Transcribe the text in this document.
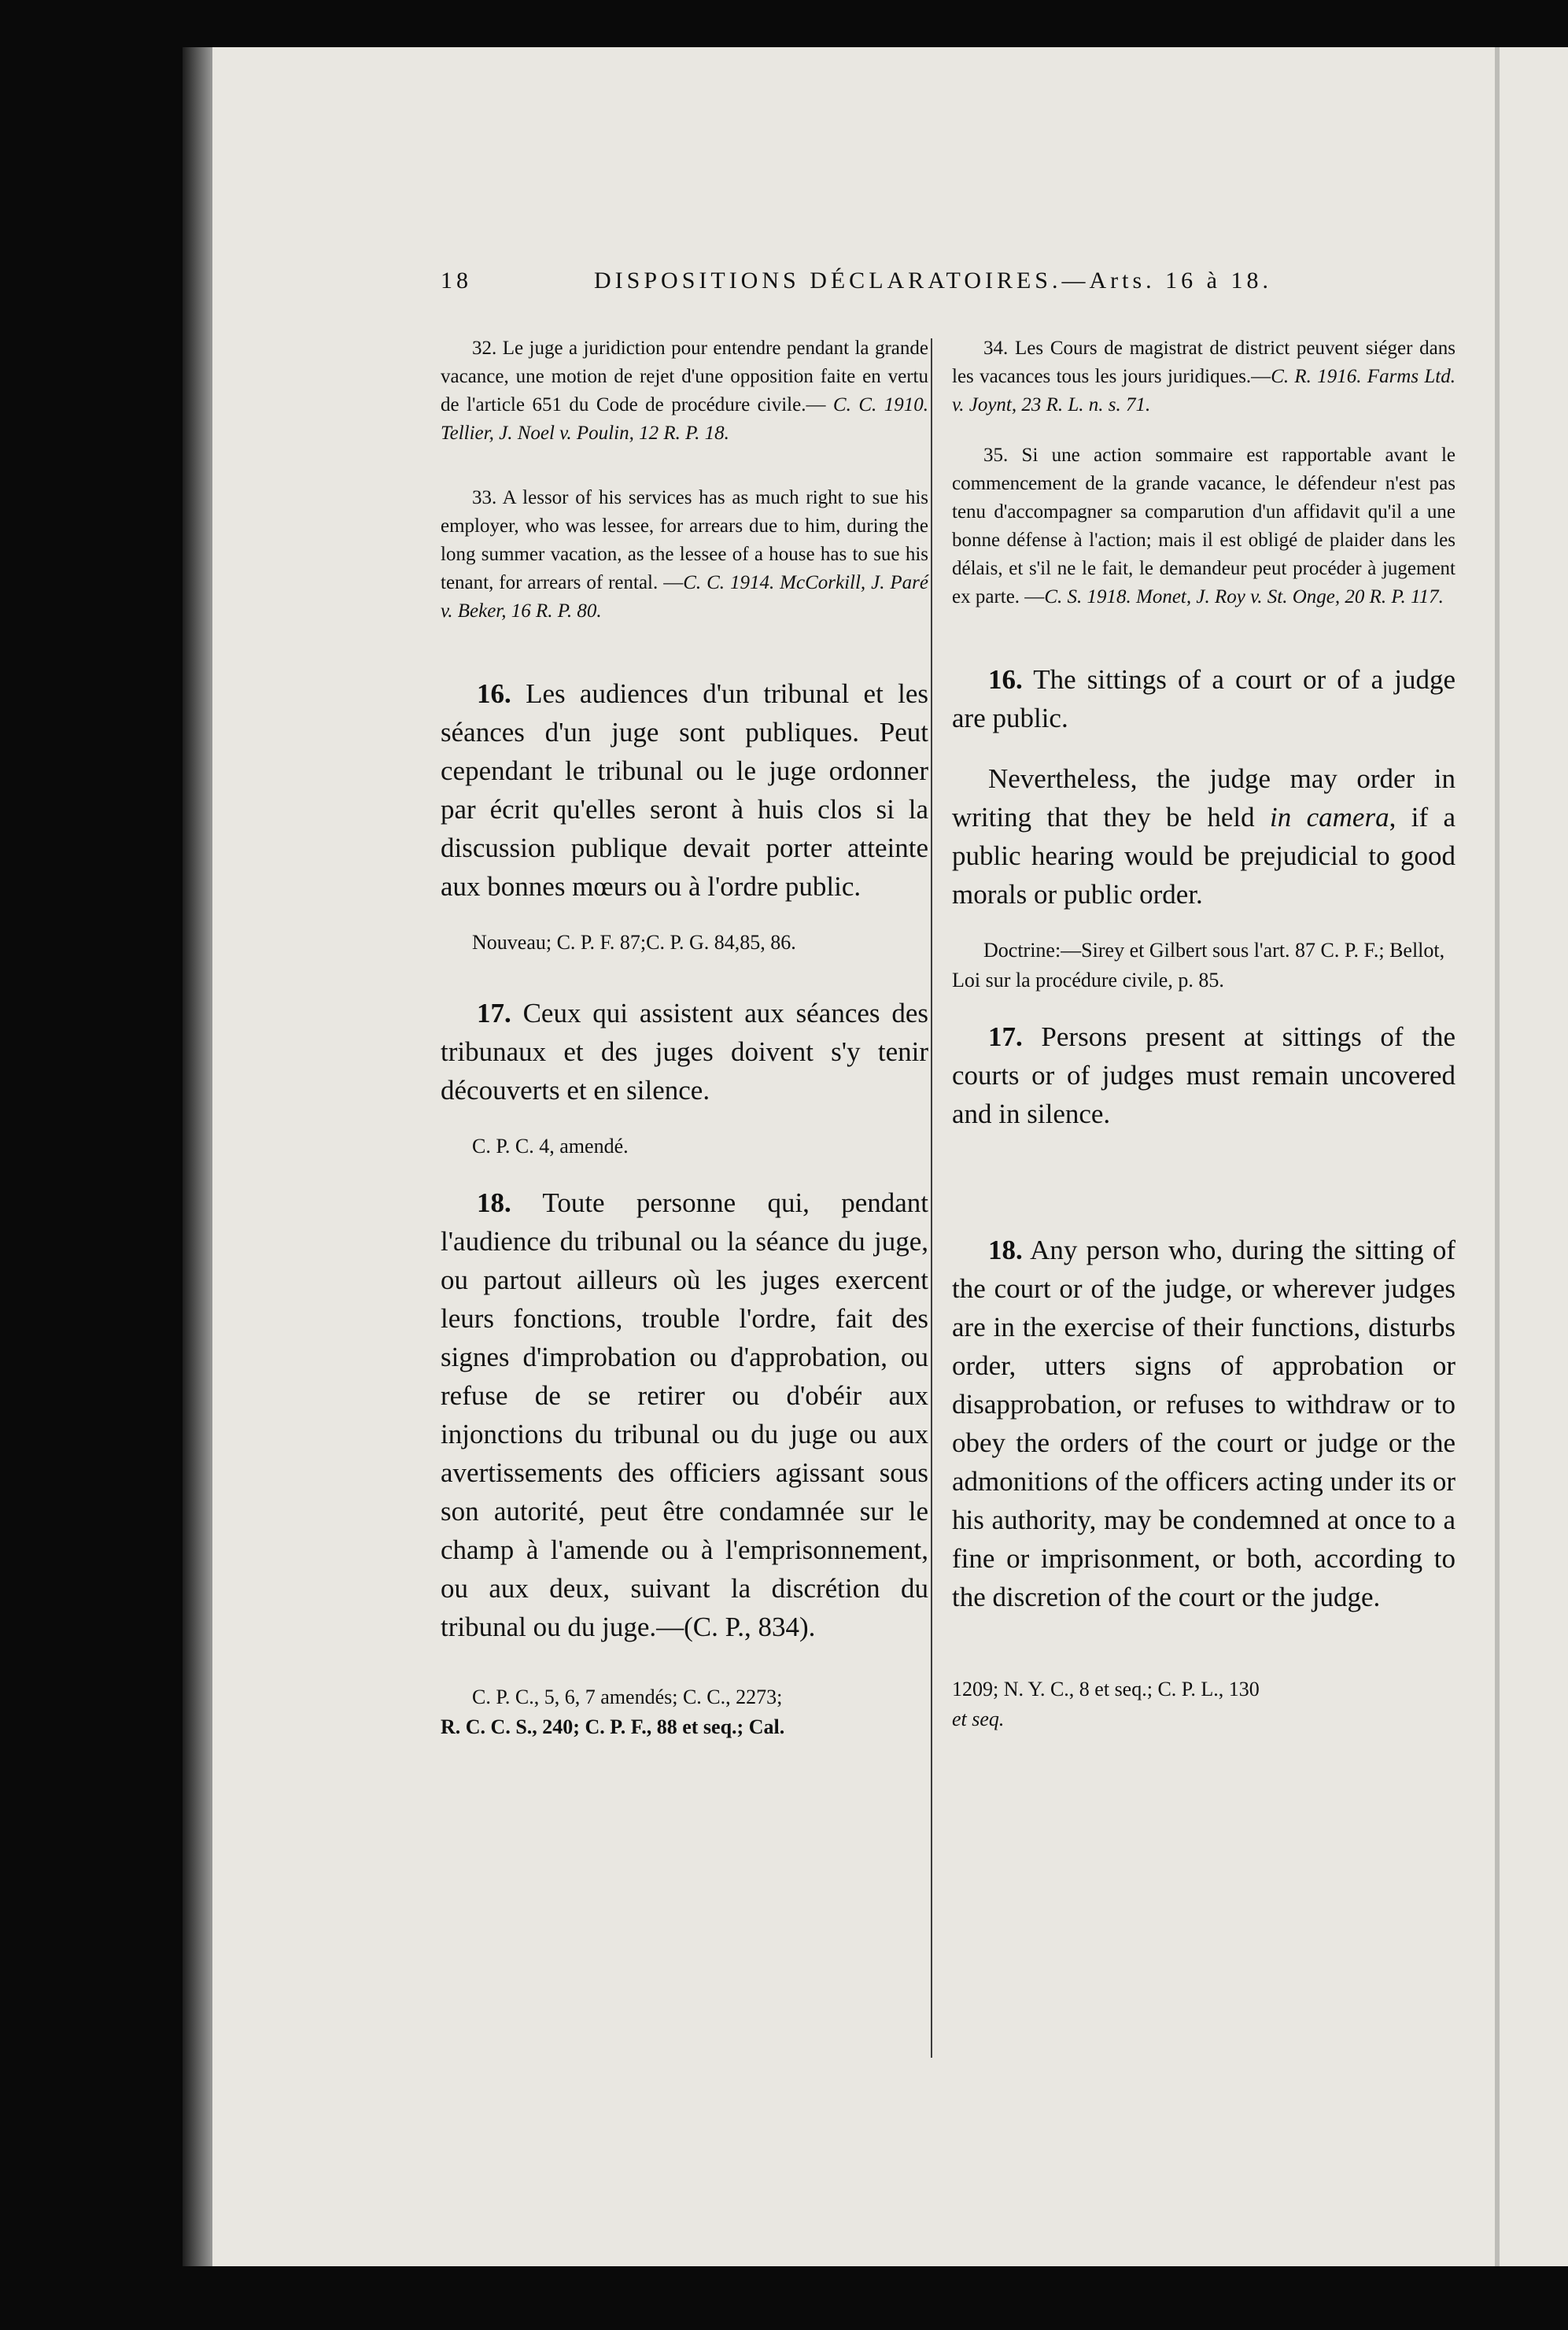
18	DISPOSITIONS DÉCLARATOIRES.—Arts. 16 à 18.

32. Le juge a juridiction pour entendre pendant la grande vacance, une motion de rejet d'une opposition faite en vertu de l'article 651 du Code de procédure civile.— C. C. 1910. Tellier, J. Noel v. Poulin, 12 R. P. 18.

33. A lessor of his services has as much right to sue his employer, who was lessee, for arrears due to him, during the long summer vacation, as the lessee of a house has to sue his tenant, for arrears of rental. —C. C. 1914. McCorkill, J. Paré v. Beker, 16 R. P. 80.

16. Les audiences d'un tribunal et les séances d'un juge sont publiques. Peut cependant le tribunal ou le juge ordonner par écrit qu'elles seront à huis clos si la discussion publique devait porter atteinte aux bonnes mœurs ou à l'ordre public.

Nouveau; C. P. F. 87;C. P. G. 84,85, 86.

17. Ceux qui assistent aux séances des tribunaux et des juges doivent s'y tenir découverts et en silence.

C. P. C. 4, amendé.

18. Toute personne qui, pendant l'audience du tribunal ou la séance du juge, ou partout ailleurs où les juges exercent leurs fonctions, trouble l'ordre, fait des signes d'improbation ou d'approbation, ou refuse de se retirer ou d'obéir aux injonctions du tribunal ou du juge ou aux avertissements des officiers agissant sous son autorité, peut être condamnée sur le champ à l'amende ou à l'emprisonnement, ou aux deux, suivant la discrétion du tribunal ou du juge.—(C. P., 834).

C. P. C., 5, 6, 7 amendés; C. C., 2273;

R. C. C. S., 240; C. P. F., 88 et seq.; Cal.

34. Les Cours de magistrat de district peuvent siéger dans les vacances tous les jours juridiques.—C. R. 1916. Farms Ltd. v. Joynt, 23 R. L. n. s. 71.

35. Si une action sommaire est rapportable avant le commencement de la grande vacance, le défendeur n'est pas tenu d'accompagner sa comparution d'un affidavit qu'il a une bonne défense à l'action; mais il est obligé de plaider dans les délais, et s'il ne le fait, le demandeur peut procéder à jugement ex parte. —C. S. 1918. Monet, J. Roy v. St. Onge, 20 R. P. 117.

16. The sittings of a court or of a judge are public.

Nevertheless, the judge may order in writing that they be held in camera, if a public hearing would be prejudicial to good morals or public order.

Doctrine:—Sirey et Gilbert sous l'art. 87 C. P. F.; Bellot, Loi sur la procédure civile, p. 85.

17. Persons present at sittings of the courts or of judges must remain uncovered and in silence.

18. Any person who, during the sitting of the court or of the judge, or wherever judges are in the exercise of their functions, disturbs order, utters signs of approbation or disapprobation, or refuses to withdraw or to obey the orders of the court or judge or the admonitions of the officers acting under its or his authority, may be condemned at once to a fine or imprisonment, or both, according to the discretion of the court or the judge.

1209; N. Y. C., 8 et seq.; C. P. L., 130

et seq.
